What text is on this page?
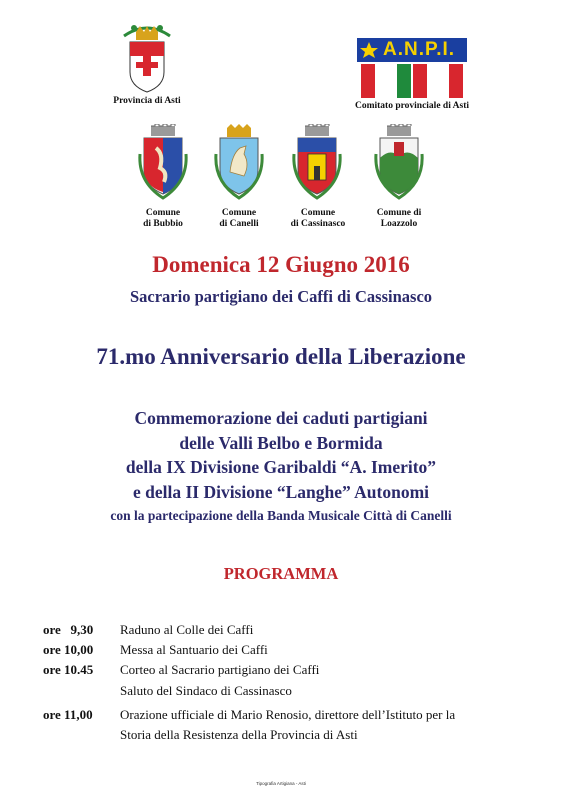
Provincia di Asti
A.N.P.I.
Comitato provinciale di Asti
Comune
di Bubbio
Comune
di Canelli
Comune
di Cassinasco
Comune di
Loazzolo
Domenica 12 Giugno 2016
Sacrario partigiano dei Caffi di Cassinasco
71.mo Anniversario della Liberazione
Commemorazione dei caduti partigiani
delle Valli Belbo e Bormida
della IX Divisione Garibaldi “A. Imerito”
e della II Divisione “Langhe” Autonomi
con la partecipazione della Banda Musicale Città di Canelli
PROGRAMMA
ore   9,30	Raduno al Colle dei Caffi
ore 10,00	Messa al Santuario dei Caffi
ore 10.45	Corteo al Sacrario partigiano dei Caffi
Saluto del Sindaco di Cassinasco
ore 11,00	Orazione ufficiale di Mario Renosio, direttore dell’Istituto per la
Storia della Resistenza della Provincia di Asti
Tipografia Artigiana - Asti
